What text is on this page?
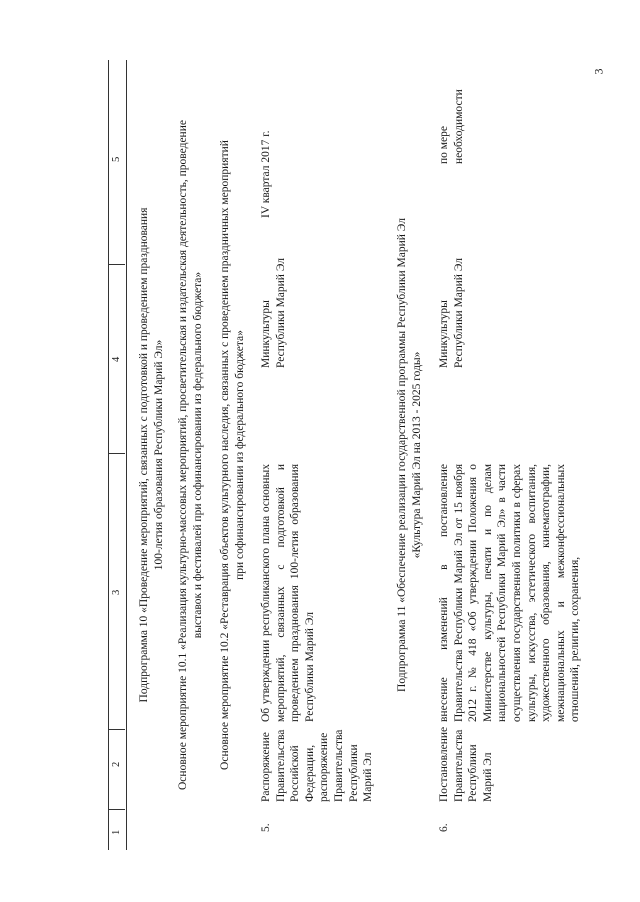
3
1
2
3
4
5
Подпрограмма 10 «Проведение мероприятий, связанных с подготовкой и проведением празднования 100-летия образования Республики Марий Эл» Основное мероприятие 10.1 «Реализация культурно-массовых мероприятий, просветительская и издательская деятельность, проведение выставок и фестивалей при софинансировании из федерального бюджета» Основное мероприятие 10.2 «Реставрация объектов культурного наследия, связанных с проведением праздничных мероприятий при софинансировании из федерального бюджета»
5.
Распоряжение Правительства Российской Федерации, распоряжение Правительства Республики Марий Эл
Об утверждении республиканского плана основных мероприятий, связанных с подготовкой и проведением празднования 100-летия образования Республики Марий Эл
Минкультуры Республики Марий Эл
IV квартал 2017 г.
Подпрограмма 11 «Обеспечение реализации государственной программы Республики Марий Эл «Культура Марий Эл на 2013 - 2025 годы»
6.
Постановление Правительства Республики Марий Эл
внесение изменений в постановление Правительства Республики Марий Эл от 15 ноября 2012 г. № 418 «Об утверждении Положения о Министерстве культуры, печати и по делам национальностей Республики Марий Эл» в части осуществления государственной политики в сферах культуры, искусства, эстетического воспитания, художественного образования, кинематографии, межнациональных и межконфессиональных отношений, религии, сохранения,
Минкультуры Республики Марий Эл
по мере необходимости
